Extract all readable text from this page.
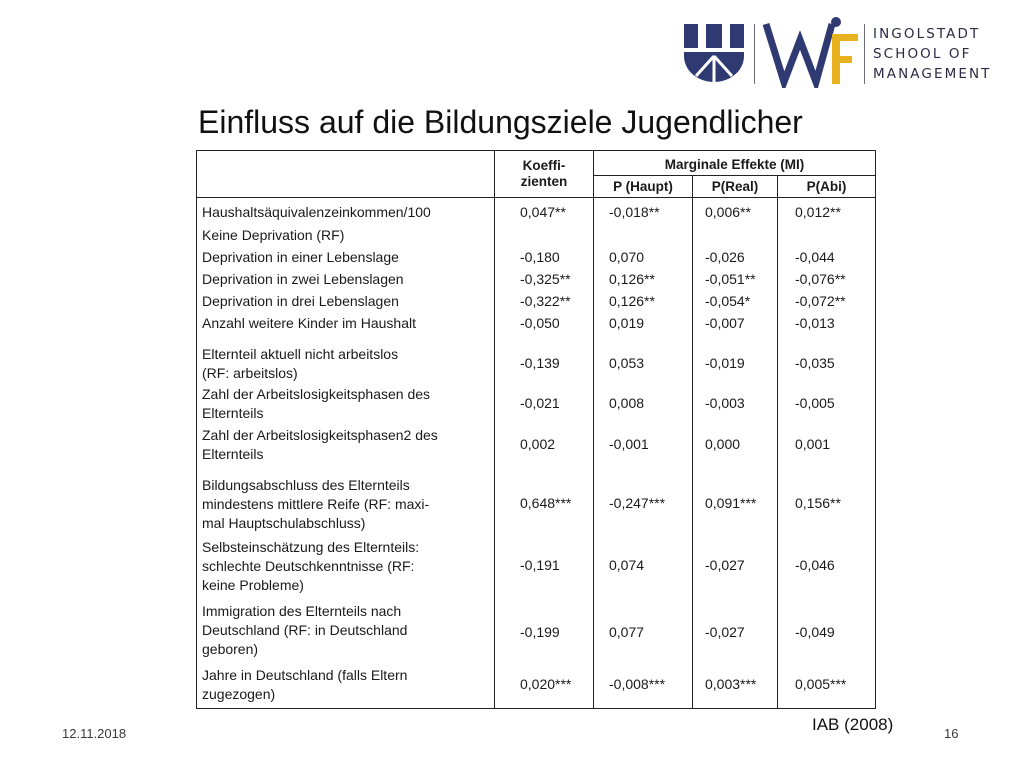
INGOLSTADT
SCHOOL OF
MANAGEMENT
Einfluss auf die Bildungsziele Jugendlicher
Koeffi-
zienten
Marginale Effekte (MI)
P (Haupt)	P(Real)	P(Abi)
Haushaltsäquivalenzeinkommen/100	0,047**	-0,018**	0,006**	0,012**
Keine Deprivation (RF)
Deprivation in einer Lebenslage	-0,180	0,070	-0,026	-0,044
Deprivation in zwei Lebenslagen	-0,325**	0,126**	-0,051**	-0,076**
Deprivation in drei Lebenslagen	-0,322**	0,126**	-0,054*	-0,072**
Anzahl weitere Kinder im Haushalt	-0,050	0,019	-0,007	-0,013
Elternteil aktuell nicht arbeitslos
(RF: arbeitslos)
-0,139	0,053	-0,019	-0,035
Zahl der Arbeitslosigkeitsphasen des
Elternteils
-0,021	0,008	-0,003	-0,005
Zahl der Arbeitslosigkeitsphasen2 des
Elternteils
0,002	-0,001	0,000	0,001
Bildungsabschluss des Elternteils
mindestens mittlere Reife (RF: maxi-
mal Hauptschulabschluss)
0,648***	-0,247***	0,091***	0,156**
Selbsteinschätzung des Elternteils:
schlechte Deutschkenntnisse (RF:
keine Probleme)
-0,191	0,074	-0,027	-0,046
Immigration des Elternteils nach
Deutschland (RF: in Deutschland
geboren)
-0,199	0,077	-0,027	-0,049
Jahre in Deutschland (falls Eltern
zugezogen)
0,020***	-0,008***	0,003***	0,005***
12.11.2018	IAB (2008)	16
